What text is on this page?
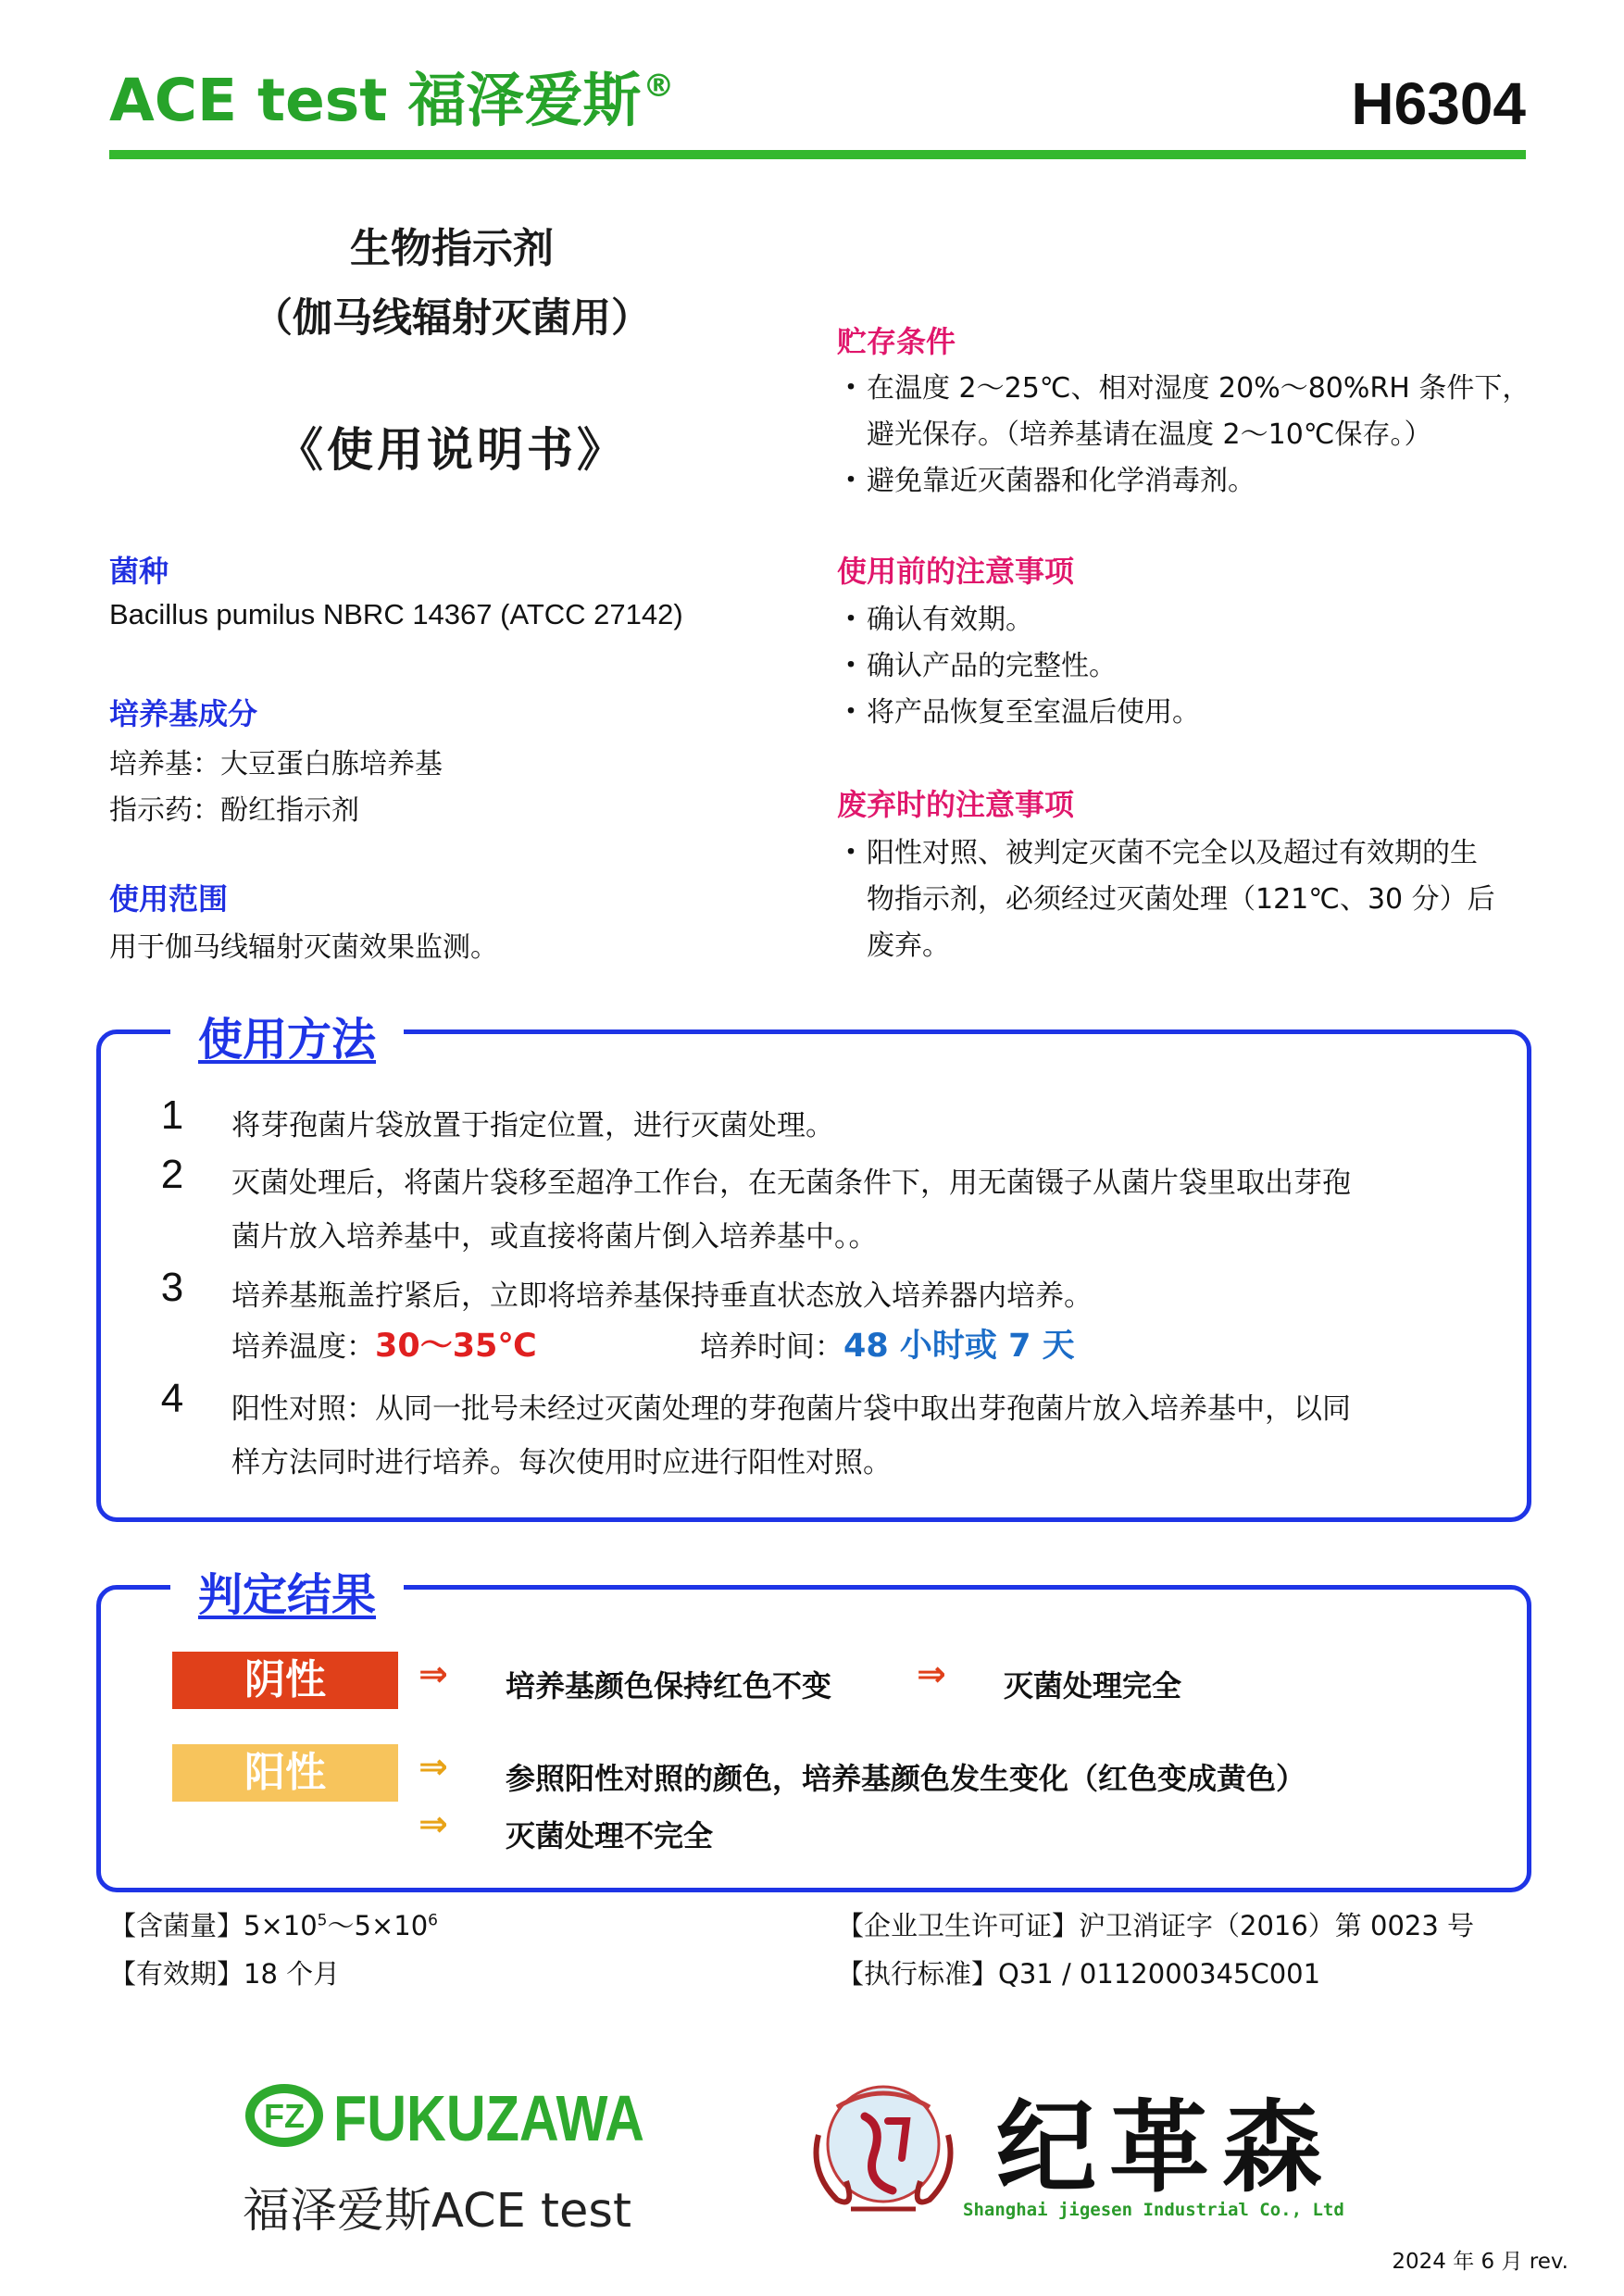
ACE test 福泽爱斯®	H6304
生物指示剂
（伽马线辐射灭菌用）
《使用说明书》
菌种
Bacillus pumilus NBRC 14367 (ATCC 27142)
培养基成分
培养基：大豆蛋白胨培养基
指示药：酚红指示剂
使用范围
用于伽马线辐射灭菌效果监测。
贮存条件
・在温度 2～25℃、相对湿度 20%～80%RH 条件下，
避光保存。（培养基请在温度 2～10℃保存。）
・避免靠近灭菌器和化学消毒剂。
使用前的注意事项
・确认有效期。
・确认产品的完整性。
・将产品恢复至室温后使用。
废弃时的注意事项
・阳性对照、被判定灭菌不完全以及超过有效期的生
物指示剂，必须经过灭菌处理（121℃、30 分）后
废弃。
使用方法
1	将芽孢菌片袋放置于指定位置，进行灭菌处理。
2	灭菌处理后，将菌片袋移至超净工作台，在无菌条件下，用无菌镊子从菌片袋里取出芽孢
菌片放入培养基中，或直接将菌片倒入培养基中。。
3	培养基瓶盖拧紧后，立即将培养基保持垂直状态放入培养器内培养。
培养温度：30～35℃	培养时间：48 小时或 7 天
4	阳性对照：从同一批号未经过灭菌处理的芽孢菌片袋中取出芽孢菌片放入培养基中，以同
样方法同时进行培养。每次使用时应进行阳性对照。
判定结果
阴性	⇒ 培养基颜色保持红色不变 ⇒ 灭菌处理完全
阳性	⇒ 参照阳性对照的颜色，培养基颜色发生变化（红色变成黄色）
⇒ 灭菌处理不完全
【含菌量】$5\times 10^5\sim 5\times 10^6$
【有效期】18 个月
【企业卫生许可证】沪卫消证字（2016）第 0023 号
【执行标准】Q31 / 0112000345C001
FZ FUKUZAWA
福泽爱斯ACE test
纪革森
Shanghai jigesen Industrial Co., Ltd
2024 年 6 月 rev.
